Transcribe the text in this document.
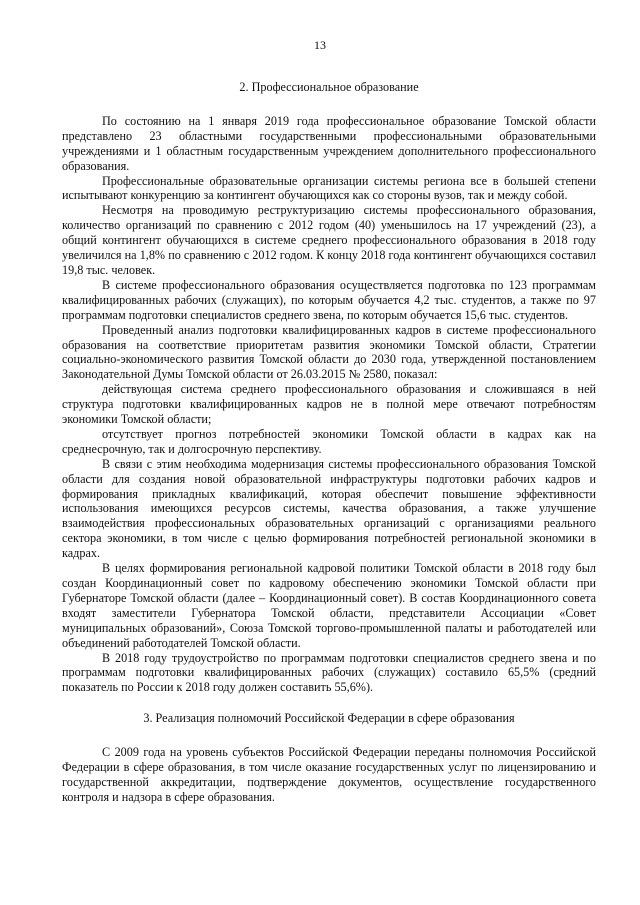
13
2. Профессиональное образование

По состоянию на 1 января 2019 года профессиональное образование Томской области представлено 23 областными государственными профессиональными образовательными учреждениями и 1 областным государственным учреждением дополнительного профессионального образования.

Профессиональные образовательные организации системы региона все в большей степени испытывают конкуренцию за контингент обучающихся как со стороны вузов, так и между собой.

Несмотря на проводимую реструктуризацию системы профессионального образования, количество организаций по сравнению с 2012 годом (40) уменьшилось на 17 учреждений (23), а общий контингент обучающихся в системе среднего профессионального образования в 2018 году увеличился на 1,8% по сравнению с 2012 годом. К концу 2018 года контингент обучающихся составил 19,8 тыс. человек.

В системе профессионального образования осуществляется подготовка по 123 программам квалифицированных рабочих (служащих), по которым обучается 4,2 тыс. студентов, а также по 97 программам подготовки специалистов среднего звена, по которым обучается 15,6 тыс. студентов.

Проведенный анализ подготовки квалифицированных кадров в системе профессионального образования на соответствие приоритетам развития экономики Томской области, Стратегии социально-экономического развития Томской области до 2030 года, утвержденной постановлением Законодательной Думы Томской области от 26.03.2015 № 2580, показал:

действующая система среднего профессионального образования и сложившаяся в ней структура подготовки квалифицированных кадров не в полной мере отвечают потребностям экономики Томской области;

отсутствует прогноз потребностей экономики Томской области в кадрах как на среднесрочную, так и долгосрочную перспективу.

В связи с этим необходима модернизация системы профессионального образования Томской области для создания новой образовательной инфраструктуры подготовки рабочих кадров и формирования прикладных квалификаций, которая обеспечит повышение эффективности использования имеющихся ресурсов системы, качества образования, а также улучшение взаимодействия профессиональных образовательных организаций с организациями реального сектора экономики, в том числе с целью формирования потребностей региональной экономики в кадрах.

В целях формирования региональной кадровой политики Томской области в 2018 году был создан Координационный совет по кадровому обеспечению экономики Томской области при Губернаторе Томской области (далее – Координационный совет). В состав Координационного совета входят заместители Губернатора Томской области, представители Ассоциации «Совет муниципальных образований», Союза Томской торгово-промышленной палаты и работодателей или объединений работодателей Томской области.

В 2018 году трудоустройство по программам подготовки специалистов среднего звена и по программам подготовки квалифицированных рабочих (служащих) составило 65,5% (средний показатель по России к 2018 году должен составить 55,6%).

3. Реализация полномочий Российской Федерации в сфере образования

С 2009 года на уровень субъектов Российской Федерации переданы полномочия Российской Федерации в сфере образования, в том числе оказание государственных услуг по лицензированию и государственной аккредитации, подтверждение документов, осуществление государственного контроля и надзора в сфере образования.
